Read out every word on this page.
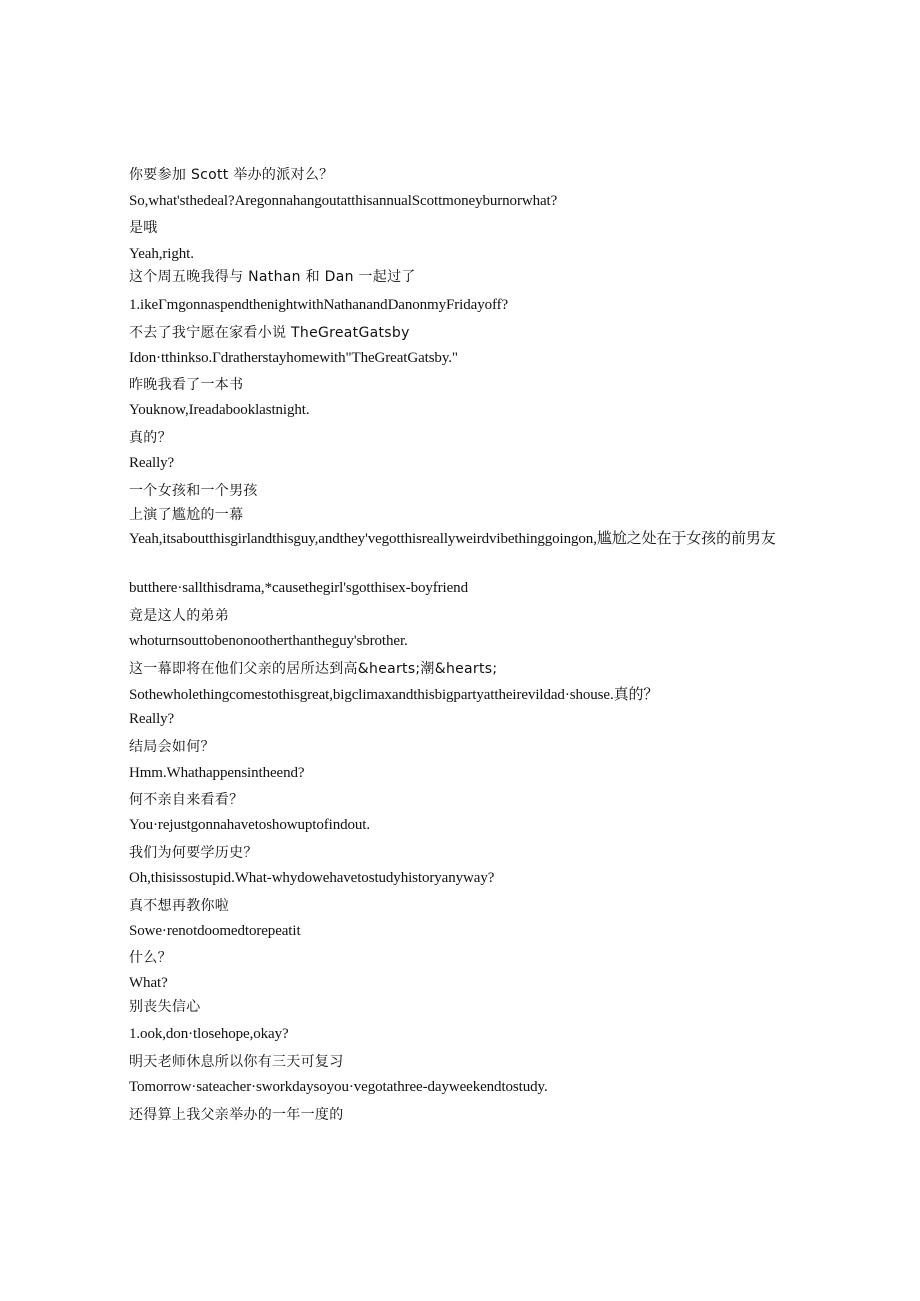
你要参加 Scott 举办的派对么？
So,what'sthedeal?AregonnahangoutatthisannualScottmoneyburnorwhat?
是哦
Yeah,right.
这个周五晚我得与 Nathan 和 Dan 一起过了
1.ikeΓmgonnaspendthenightwithNathanandDanonmyFridayoff?
不去了我宁愿在家看小说 TheGreatGatsby
Idon·tthinkso.Γdratherstayhomewith"TheGreatGatsby."
昨晚我看了一本书
Youknow,Ireadabooklastnight.
真的？
Really?
一个女孩和一个男孩
上演了尴尬的一幕
Yeah,itsaboutthisgirlandthisguy,andthey'vegotthisreallyweirdvibethinggoingon,尴尬之处在于女孩的前男友
butthere·sallthisdrama,*causethegirl'sgotthisex-boyfriend
竟是这人的弟弟
whoturnsouttobenonootherthantheguy'sbrother.
这一幕即将在他们父亲的居所达到高&hearts;潮&hearts;
Sothewholethingcomestothisgreat,bigclimaxandthisbigpartyattheirevildad·shouse.真的？
Really?
结局会如何？
Hmm.Whathappensintheend?
何不亲自来看看？
You·rejustgonnahavetoshowuptofindout.
我们为何要学历史？
Oh,thisissostupid.What-whydowehavetostudyhistoryanyway?
真不想再教你啦
Sowe·renotdoomedtorepeatit
什么？
What?
别丧失信心
1.ook,don·tlosehope,okay?
明天老师休息所以你有三天可复习
Tomorrow·sateacher·sworkdaysoyou·vegotathree-dayweekendtostudy.
还得算上我父亲举办的一年一度的
